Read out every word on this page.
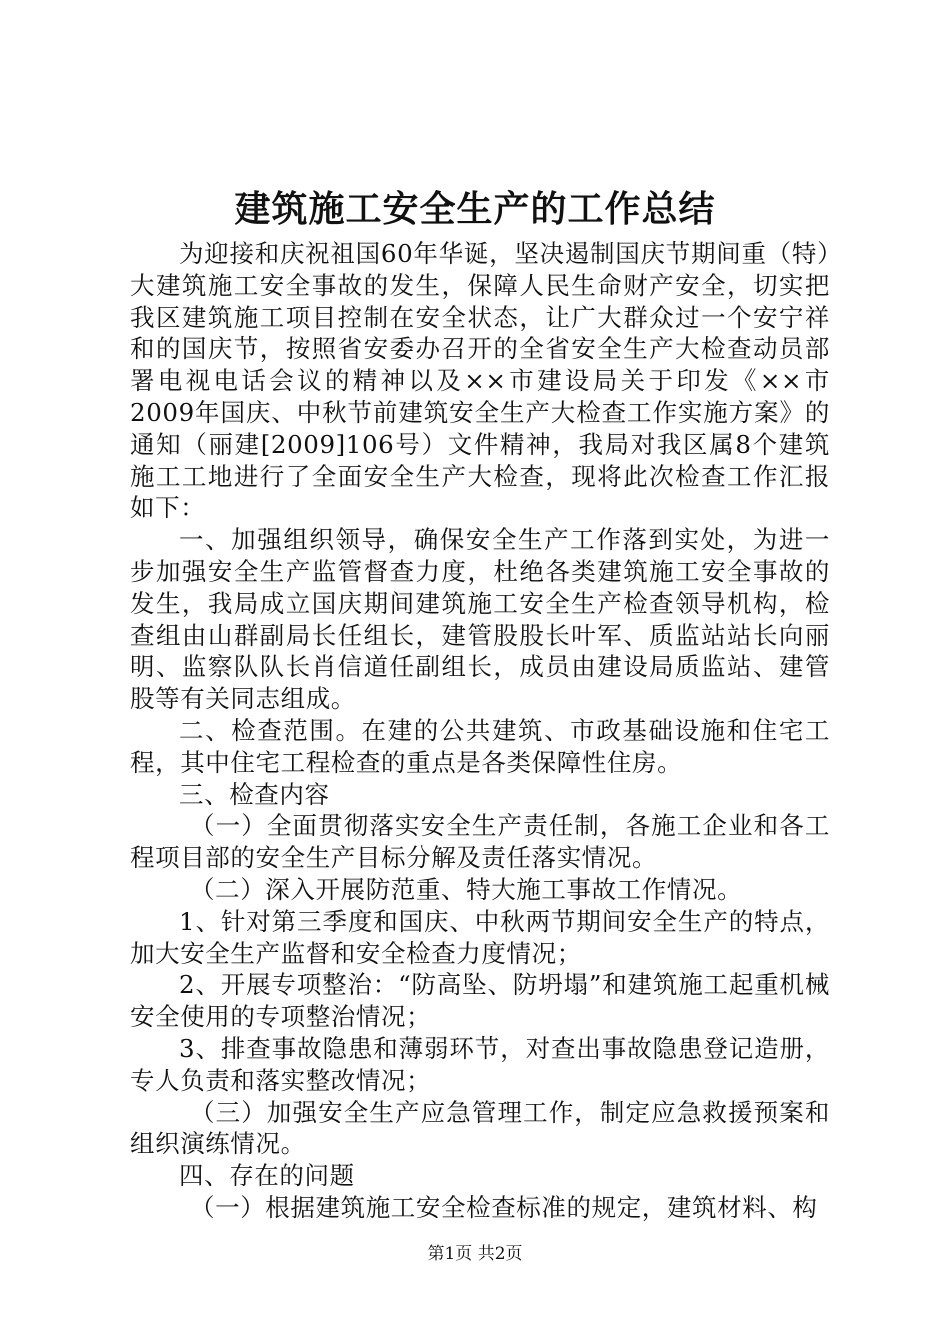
建筑施工安全生产的工作总结

为迎接和庆祝祖国60年华诞，坚决遏制国庆节期间重（特）大建筑施工安全事故的发生，保障人民生命财产安全，切实把我区建筑施工项目控制在安全状态，让广大群众过一个安宁祥和的国庆节，按照省安委办召开的全省安全生产大检查动员部署电视电话会议的精神以及××市建设局关于印发《××市2009年国庆、中秋节前建筑安全生产大检查工作实施方案》的通知（丽建[2009]106号）文件精神，我局对我区属8个建筑施工工地进行了全面安全生产大检查，现将此次检查工作汇报如下：

一、加强组织领导，确保安全生产工作落到实处，为进一步加强安全生产监管督查力度，杜绝各类建筑施工安全事故的发生，我局成立国庆期间建筑施工安全生产检查领导机构，检查组由山群副局长任组长，建管股股长叶军、质监站站长向丽明、监察队队长肖信道任副组长，成员由建设局质监站、建管股等有关同志组成。

二、检查范围。在建的公共建筑、市政基础设施和住宅工程，其中住宅工程检查的重点是各类保障性住房。

三、检查内容

（一）全面贯彻落实安全生产责任制，各施工企业和各工程项目部的安全生产目标分解及责任落实情况。

（二）深入开展防范重、特大施工事故工作情况。

1、针对第三季度和国庆、中秋两节期间安全生产的特点，加大安全生产监督和安全检查力度情况；

2、开展专项整治：“防高坠、防坍塌”和建筑施工起重机械安全使用的专项整治情况；

3、排查事故隐患和薄弱环节，对查出事故隐患登记造册，专人负责和落实整改情况；

（三）加强安全生产应急管理工作，制定应急救援预案和组织演练情况。

四、存在的问题

（一）根据建筑施工安全检查标准的规定，建筑材料、构

第1页 共2页
